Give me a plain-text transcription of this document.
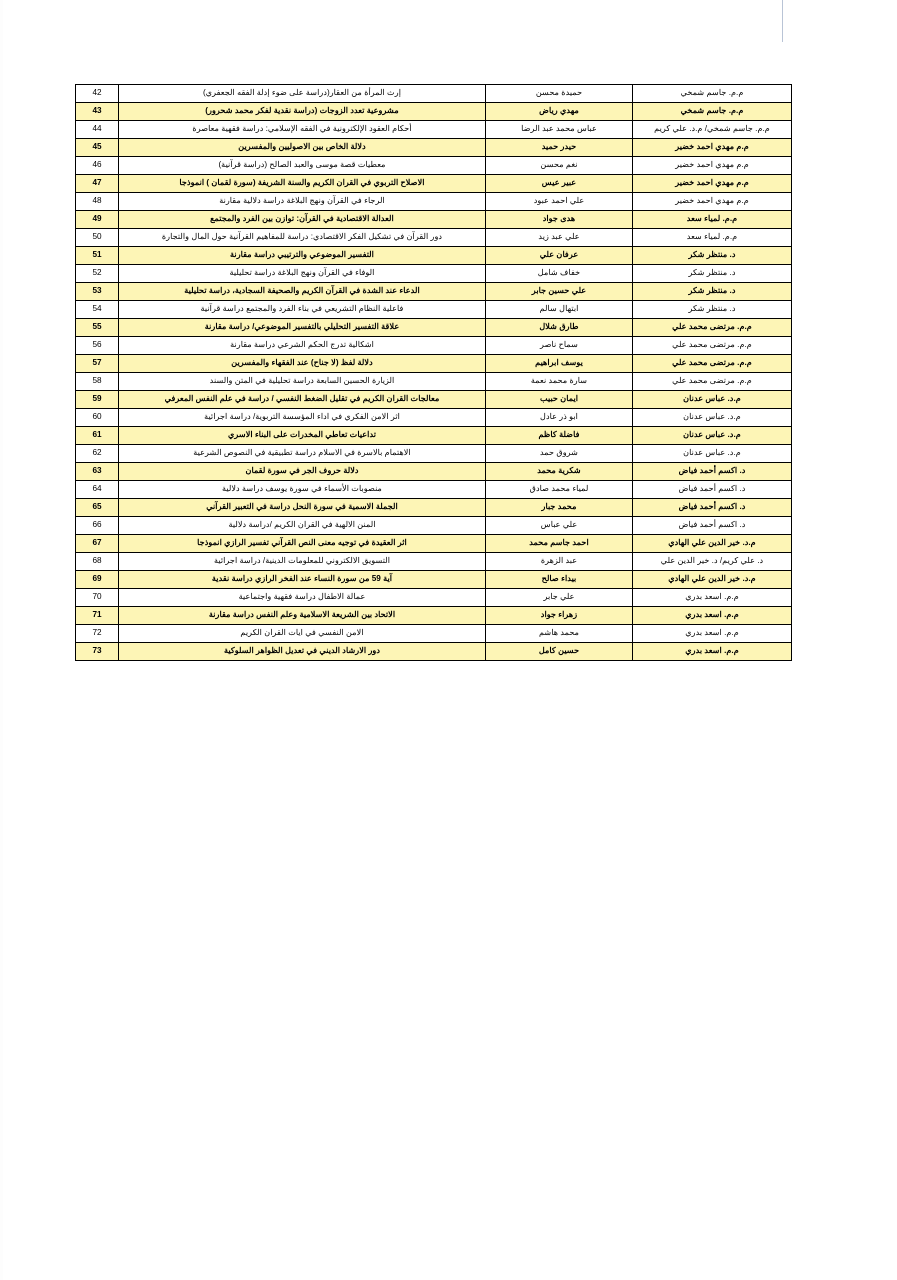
م.م. جاسم شمخي	حميدة محسن	إرث المرأة من العقار(دراسة على ضوء إدلة الفقه الجعفري)	42
م.م. جاسم شمخي	مهدي رياض	مشروعية تعدد الزوجات (دراسة نقدية لفكر محمد شحرور)	43
م.م. جاسم شمخي/ م.د. علي كريم	عباس محمد عبد الرضا	أحكام العقود الإلكترونية في الفقه الإسلامي: دراسة فقهية معاصرة	44
م.م مهدي احمد خضير	حيدر حميد	دلالة الخاص بين الاصوليين والمفسرين	45
م.م مهدي احمد خضير	نغم محسن	معطيات قصة موسى والعبد الصالح (دراسة قرآنية)	46
م.م مهدي احمد خضير	عبير عيس	الاصلاح التربوي في القران الكريم والسنة الشريفة (سورة لقمان ) انموذجا	47
م.م مهدي احمد خضير	علي احمد عبود	الرجاء في القرآن ونهج البلاغة دراسة دلالية مقارنة	48
م.م. لمياء سعد	هدى جواد	العدالة الاقتصادية في القرآن: توازن بين الفرد والمجتمع	49
م.م. لمياء سعد	علي عبد زيد	دور القرآن في تشكيل الفكر الاقتصادي: دراسة للمفاهيم القرآنية حول المال والتجارة	50
د. منتظر شكر	عرفان علي	التفسير الموضوعي والترتيبي دراسة مقارنة	51
د. منتظر شكر	خفاف شامل	الوفاء في القرآن ونهج البلاغة دراسة تحليلية	52
د. منتظر شكر	علي حسين جابر	الدعاء عند الشدة في القرآن الكريم والصحيفة السجادية، دراسة تحليلية	53
د. منتظر شكر	ابتهال سالم	فاعلية النظام التشريعي في بناء الفرد والمجتمع دراسة قرآنية	54
م.م. مرتضى محمد علي	طارق شلال	علاقة التفسير التحليلي بالتفسير الموضوعي/ دراسة مقارنة	55
م.م. مرتضى محمد علي	سماح ناصر	اشكالية تدرج الحكم الشرعي دراسة مقارنة	56
م.م. مرتضى محمد علي	يوسف ابراهيم	دلالة لفظ (لا جناح) عند الفقهاء والمفسرين	57
م.م. مرتضى محمد علي	سارة محمد نعمة	الزيارة الحسين السابعة دراسة تحليلية في المتن والسند	58
م.د. عباس عدنان	ايمان حبيب	معالجات القران الكريم في تقليل الضغط النفسي / دراسة في علم النفس المعرفي	59
م.د. عباس عدنان	ابو ذر عادل	اثر الامن الفكري في اداء المؤسسة التربوية/ دراسة اجرائية	60
م.د. عباس عدنان	فاضلة كاظم	تداعيات تعاطي المخدرات على البناء الاسري	61
م.د. عباس عدنان	شروق حمد	الاهتمام بالاسرة في الاسلام دراسة تطبيقية في النصوص الشرعية	62
د. اكسم أحمد فياض	شكرية محمد	دلالة حروف الجر في سورة لقمان	63
د. اكسم أحمد فياض	لمياء محمد صادق	منصوبات الأسماء في سورة يوسف دراسة دلالية	64
د. اكسم أحمد فياض	محمد جبار	الجملة الاسمية في سورة النحل دراسة في التعبير القرآني	65
د. اكسم أحمد فياض	علي عباس	المنن الالهية في القران الكريم /دراسة دلالية	66
م.د. خير الدين علي الهادي	احمد جاسم محمد	اثر العقيدة في توجيه معنى النص القرآني تفسير الرازي انموذجا	67
د. علي كريم/ د. خير الدين علي	عبد الزهرة	التسويق الالكتروني للمعلومات الدينية/ دراسة اجرائية	68
م.د. خير الدين علي الهادي	بيداء صالح	آية 59 من سورة النساء عند الفخر الرازي دراسة نقدية	69
م.م. اسعد بدري	علي جابر	عمالة الاطفال دراسة فقهية واجتماعية	70
م.م. اسعد بدري	زهراء جواد	الاتحاد بين الشريعة الاسلامية وعلم النفس دراسة مقارنة	71
م.م. اسعد بدري	محمد هاشم	الامن النفسي في ايات القران الكريم	72
م.م. اسعد بدري	حسين كامل	دور الارشاد الديني في تعديل الظواهر السلوكية	73
